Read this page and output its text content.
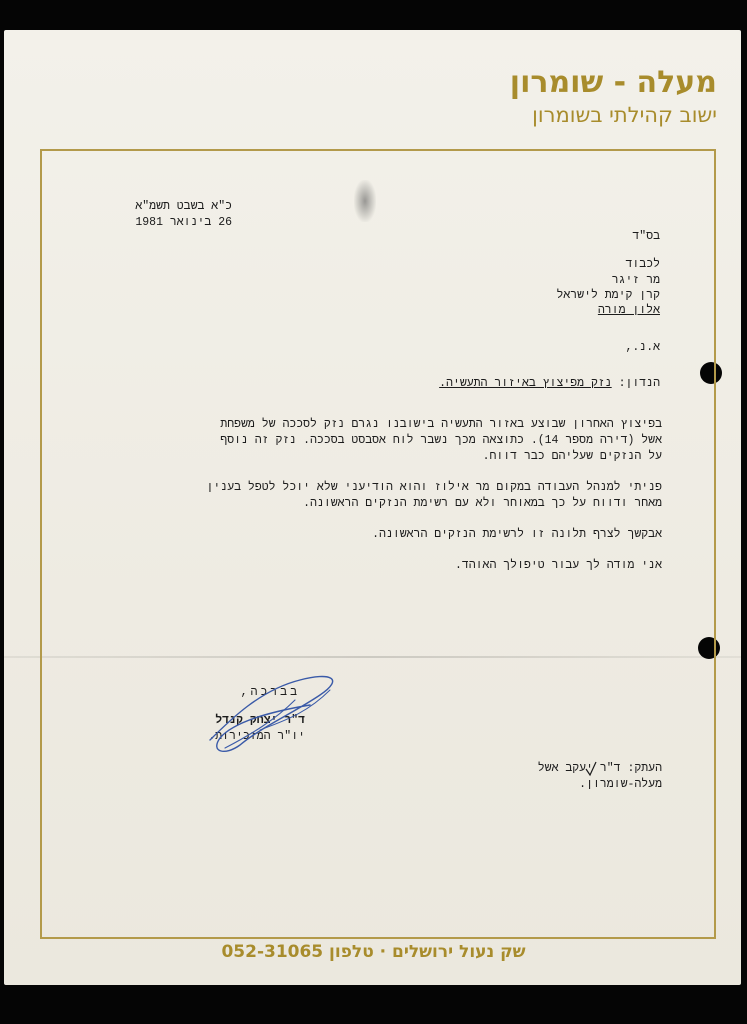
מעלה - שומרון
ישוב קהילתי בשומרון
כ"א בשבט תשמ"א
26 בינואר 1981
בס"ד
לכבוד
מר זיגר
קרן קימת לישראל
אלון מורה
א.נ.,
הנדון: נזק מפיצוץ באיזור התעשיה.
בפיצוץ האחרון שבוצע באזור התעשיה בישובנו נגרם נזק לסככה של משפחת
אשל (דירה מספר 14). כתוצאה מכך נשבר לוח אסבסט בסככה. נזק זה נוסף
על הנזקים שעליהם כבר דווח.
פניתי למנהל העבודה במקום מר אילוז והוא הודיעני שלא יוכל לטפל בענין
מאחר ודווח על כך במאוחר ולא עם רשימת הנזקים הראשונה.
אבקשך לצרף תלונה זו לרשימת הנזקים הראשונה.
אני מודה לך עבור טיפולך האוהד.
בברכה,
ד"ר יצחק קנדל
יו"ר המזכירות.
העתק: ד"ר יעקב אשל
מעלה-שומרון.
שק נעול ירושלים · טלפון 052-31065
